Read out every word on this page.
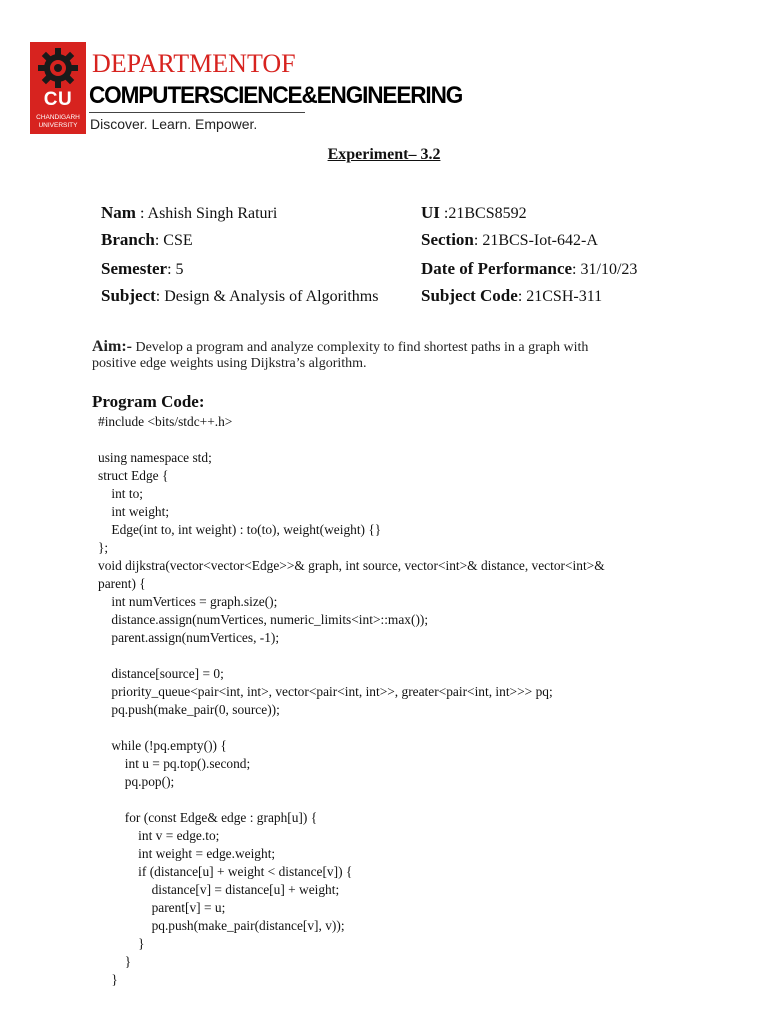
CU
CHANDIGARH
UNIVERSITY
DEPARTMENTOF
COMPUTERSCIENCE&ENGINEERING
Discover. Learn. Empower.
Experiment– 3.2
Nam : Ashish Singh Raturi	UI :21BCS8592
Branch: CSE	Section: 21BCS-Iot-642-A
Semester: 5	Date of Performance: 31/10/23
Subject: Design & Analysis of Algorithms	Subject Code: 21CSH-311
Aim:- Develop a program and analyze complexity to find shortest paths in a graph with
positive edge weights using Dijkstra’s algorithm.
Program Code:
#include <bits/stdc++.h>
using namespace std;
struct Edge {
int to;
int weight;
Edge(int to, int weight) : to(to), weight(weight) {}
};
void dijkstra(vector<vector<Edge>>& graph, int source, vector<int>& distance, vector<int>&
parent) {
int numVertices = graph.size();
distance.assign(numVertices, numeric_limits<int>::max());
parent.assign(numVertices, -1);
distance[source] = 0;
priority_queue<pair<int, int>, vector<pair<int, int>>, greater<pair<int, int>>> pq;
pq.push(make_pair(0, source));
while (!pq.empty()) {
int u = pq.top().second;
pq.pop();
for (const Edge& edge : graph[u]) {
int v = edge.to;
int weight = edge.weight;
if (distance[u] + weight < distance[v]) {
distance[v] = distance[u] + weight;
parent[v] = u;
pq.push(make_pair(distance[v], v));
}
}
}
